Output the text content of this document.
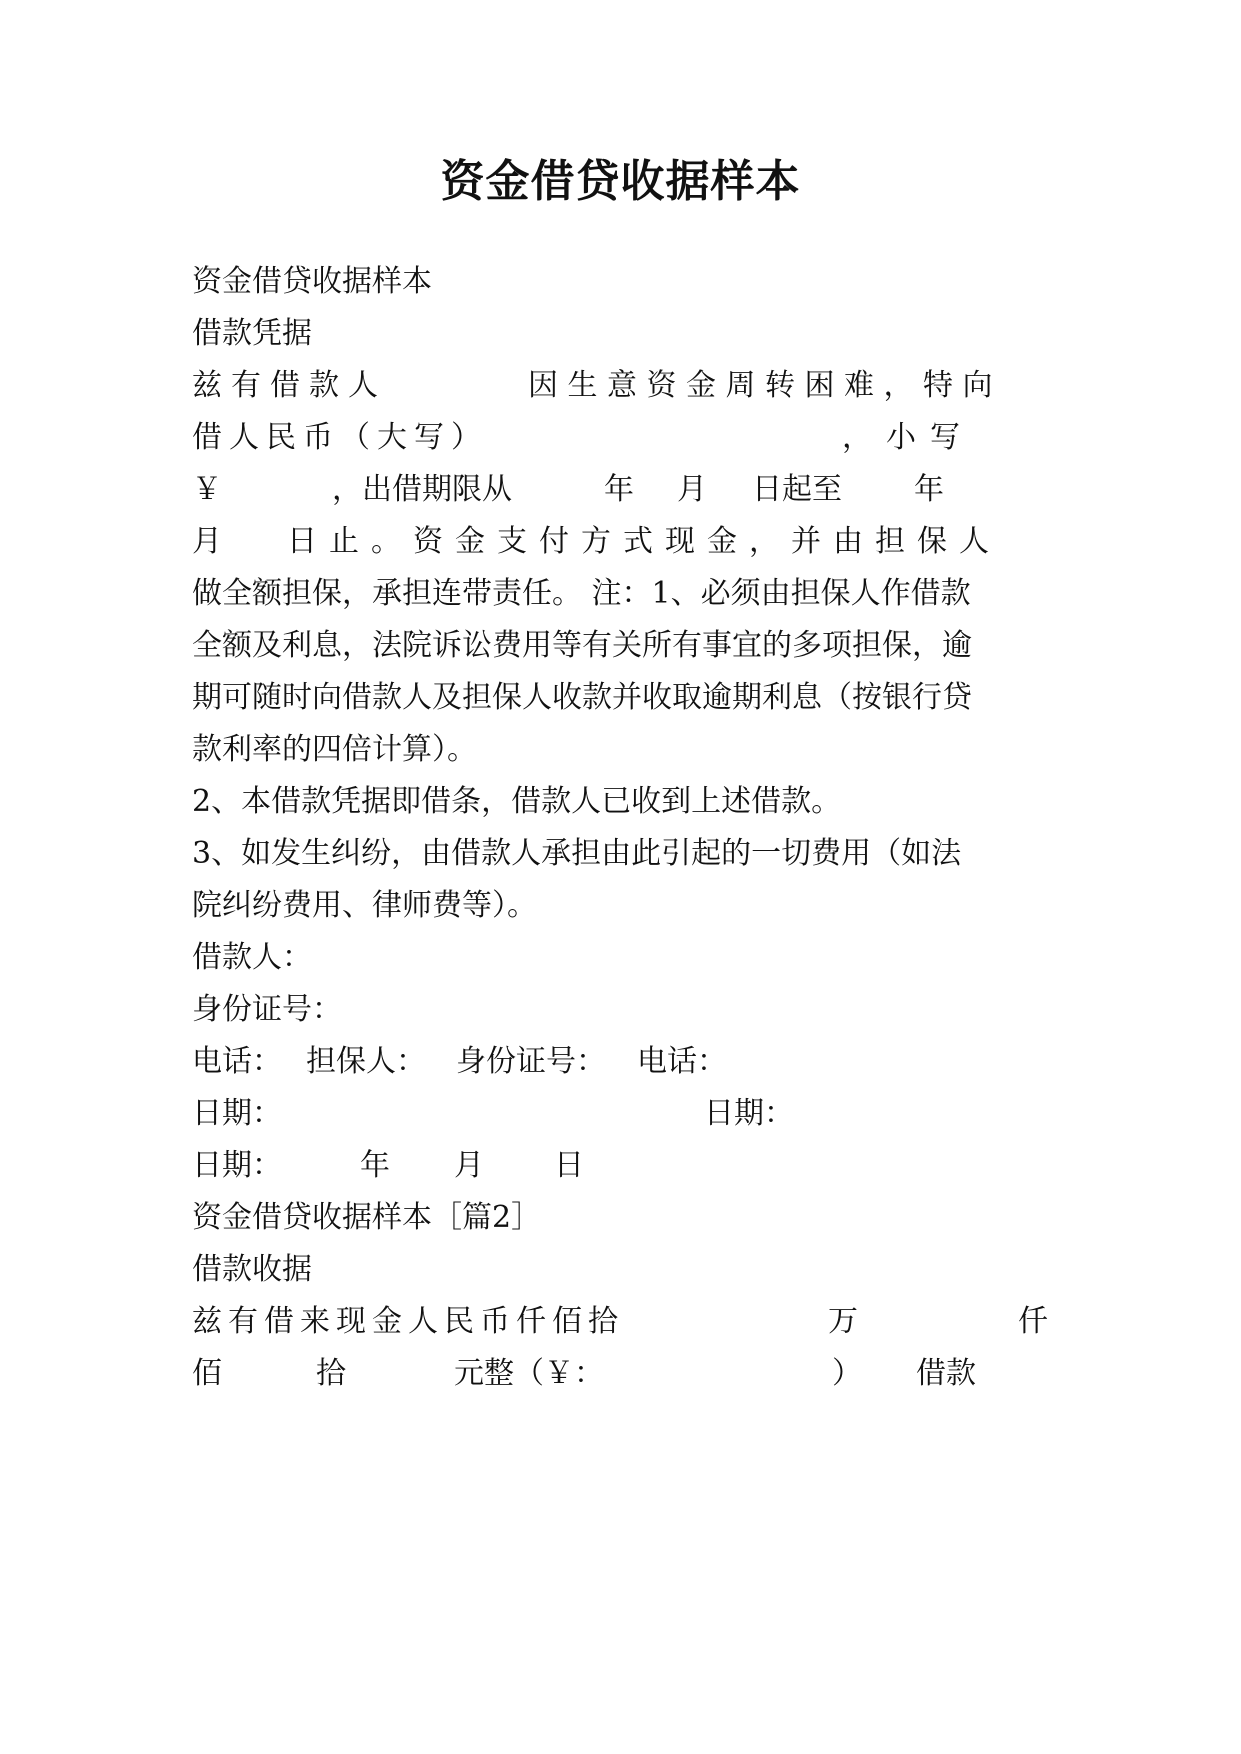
资金借贷收据样本
资金借贷收据样本
借款凭据
兹有借款人	因生意资金周转困难，特向
借人民币（大写）	，小写
￥	，出借期限从	年 月 日起至 年
月 日止。资金支付方式现金，并由担保人
做全额担保，承担连带责任。 注：1、必须由担保人作借款
全额及利息，法院诉讼费用等有关所有事宜的多项担保，逾
期可随时向借款人及担保人收款并收取逾期利息（按银行贷
款利率的四倍计算）。
2、本借款凭据即借条，借款人已收到上述借款。
3、如发生纠纷，由借款人承担由此引起的一切费用（如法
院纠纷费用、律师费等）。
借款人：
身份证号：
电话： 担保人： 身份证号： 电话：
日期：	日期：
日期：	年 月 日
资金借贷收据样本［篇2］
借款收据
兹有借来现金人民币仟佰拾	万	仟
佰	拾	元整（￥：	） 借款
